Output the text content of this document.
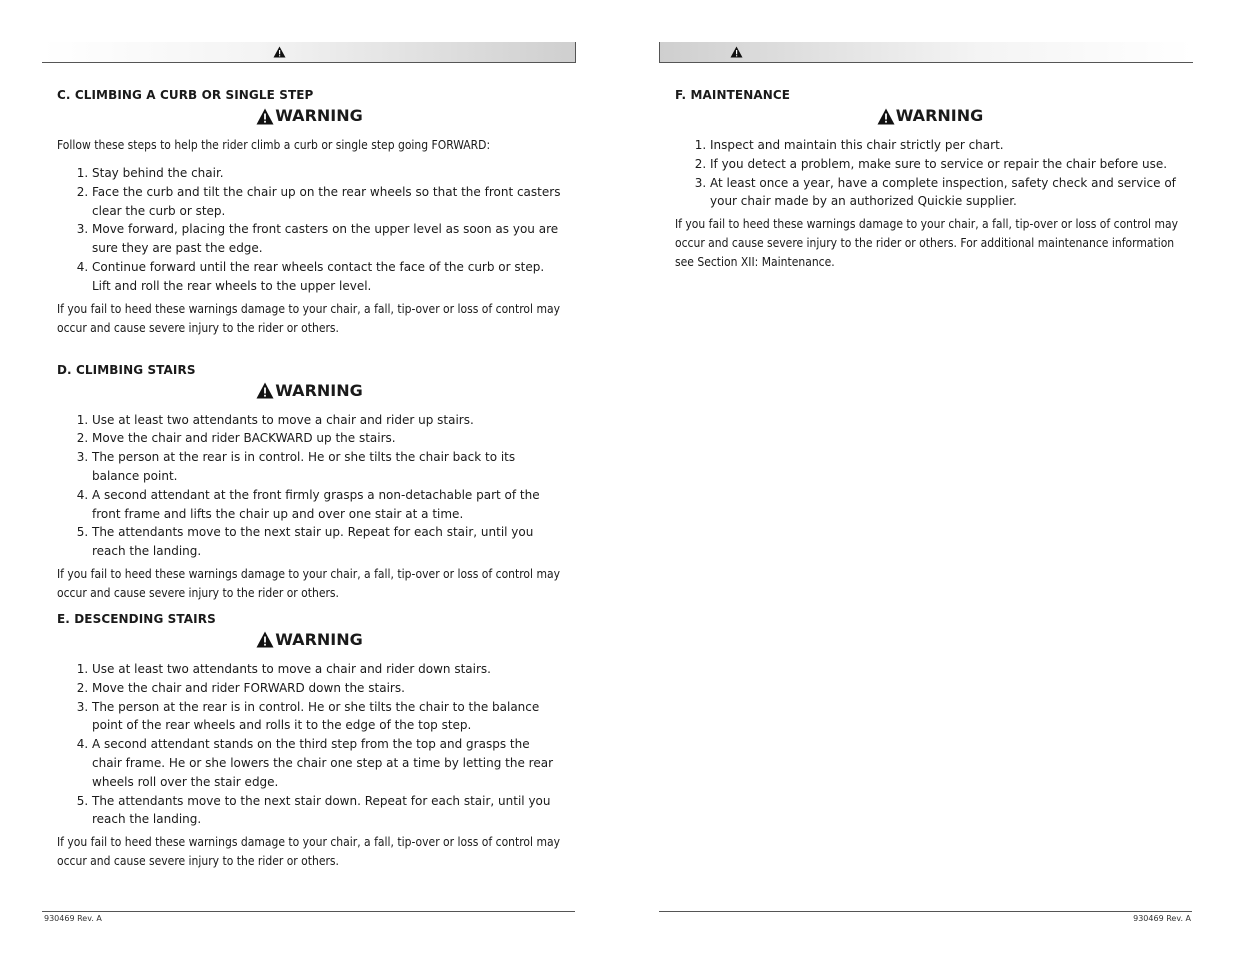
C. CLIMBING A CURB OR SINGLE STEP
WARNING

Follow these steps to help the rider climb a curb or single step going FORWARD:

1. Stay behind the chair.
2. Face the curb and tilt the chair up on the rear wheels so that the front casters clear the curb or step.
3. Move forward, placing the front casters on the upper level as soon as you are sure they are past the edge.
4. Continue forward until the rear wheels contact the face of the curb or step. Lift and roll the rear wheels to the upper level.

If you fail to heed these warnings damage to your chair, a fall, tip-over or loss of control may occur and cause severe injury to the rider or others.

D. CLIMBING STAIRS
WARNING
1. Use at least two attendants to move a chair and rider up stairs.
2. Move the chair and rider BACKWARD up the stairs.
3. The person at the rear is in control. He or she tilts the chair back to its balance point.
4. A second attendant at the front firmly grasps a non-detachable part of the front frame and lifts the chair up and over one stair at a time.
5. The attendants move to the next stair up. Repeat for each stair, until you reach the landing.

If you fail to heed these warnings damage to your chair, a fall, tip-over or loss of control may occur and cause severe injury to the rider or others.

E. DESCENDING STAIRS
WARNING
1. Use at least two attendants to move a chair and rider down stairs.
2. Move the chair and rider FORWARD down the stairs.
3. The person at the rear is in control. He or she tilts the chair to the balance point of the rear wheels and rolls it to the edge of the top step.
4. A second attendant stands on the third step from the top and grasps the chair frame. He or she lowers the chair one step at a time by letting the rear wheels roll over the stair edge.
5. The attendants move to the next stair down. Repeat for each stair, until you reach the landing.

If you fail to heed these warnings damage to your chair, a fall, tip-over or loss of control may occur and cause severe injury to the rider or others.

930469 Rev. A
F. MAINTENANCE
WARNING
1. Inspect and maintain this chair strictly per chart.
2. If you detect a problem, make sure to service or repair the chair before use.
3. At least once a year, have a complete inspection, safety check and service of your chair made by an authorized Quickie supplier.

If you fail to heed these warnings damage to your chair, a fall, tip-over or loss of control may occur and cause severe injury to the rider or others. For additional maintenance information see Section XII: Maintenance.

930469 Rev. A
